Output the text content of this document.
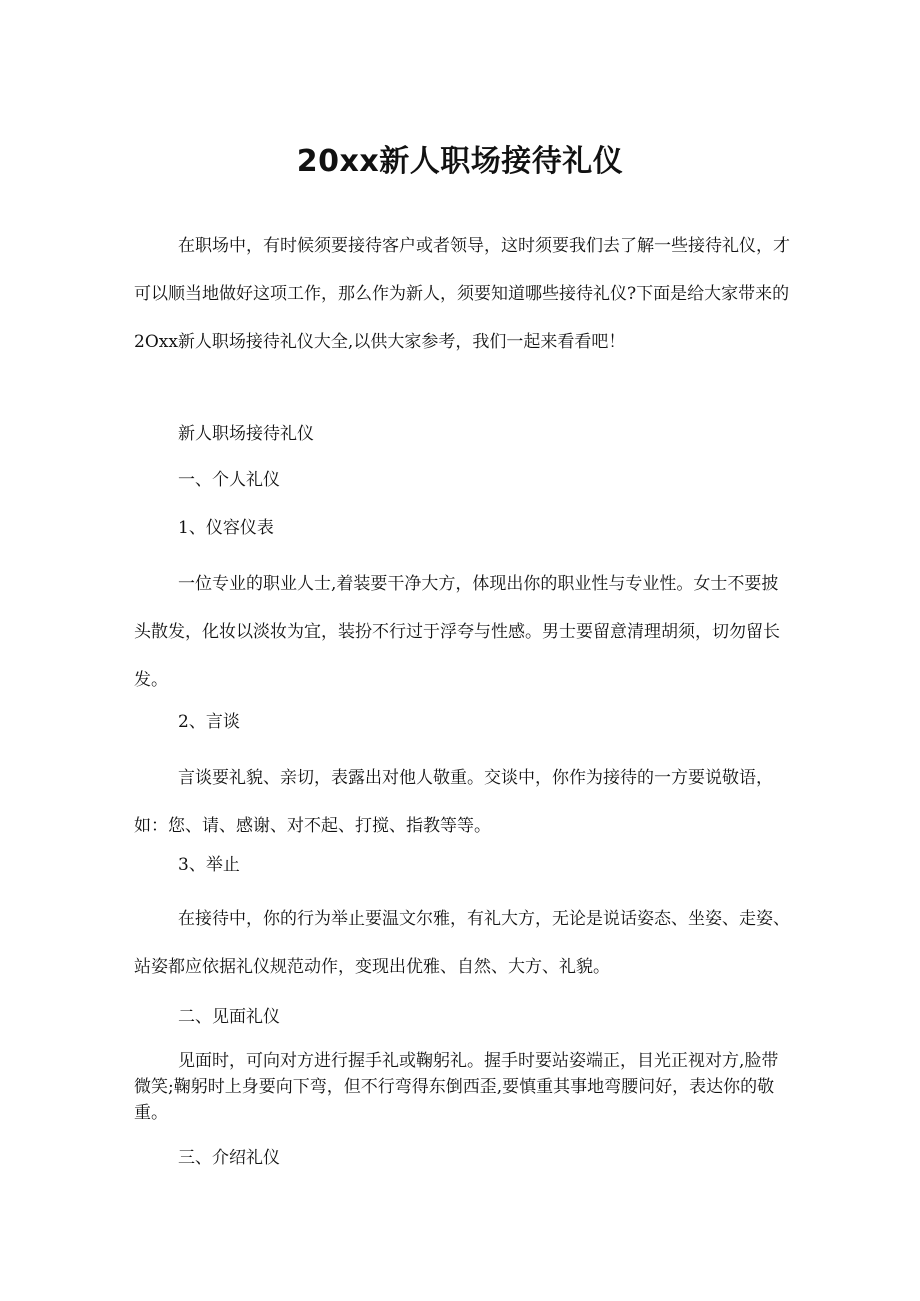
20xx新人职场接待礼仪

在职场中，有时候须要接待客户或者领导，这时须要我们去了解一些接待礼仪，才可以顺当地做好这项工作，那么作为新人，须要知道哪些接待礼仪?下面是给大家带来的2Oxx新人职场接待礼仪大全,以供大家参考，我们一起来看看吧！

新人职场接待礼仪

一、个人礼仪

1、仪容仪表

一位专业的职业人士,着装要干净大方，体现出你的职业性与专业性。女士不要披头散发，化妆以淡妆为宜，装扮不行过于浮夸与性感。男士要留意清理胡须，切勿留长发。

2、言谈

言谈要礼貌、亲切，表露出对他人敬重。交谈中，你作为接待的一方要说敬语，如：您、请、感谢、对不起、打搅、指教等等。

3、举止

在接待中，你的行为举止要温文尔雅，有礼大方，无论是说话姿态、坐姿、走姿、站姿都应依据礼仪规范动作，变现出优雅、自然、大方、礼貌。

二、见面礼仪

见面时，可向对方进行握手礼或鞠躬礼。握手时要站姿端正，目光正视对方,脸带微笑;鞠躬时上身要向下弯，但不行弯得东倒西歪,要慎重其事地弯腰问好，表达你的敬重。

三、介绍礼仪
